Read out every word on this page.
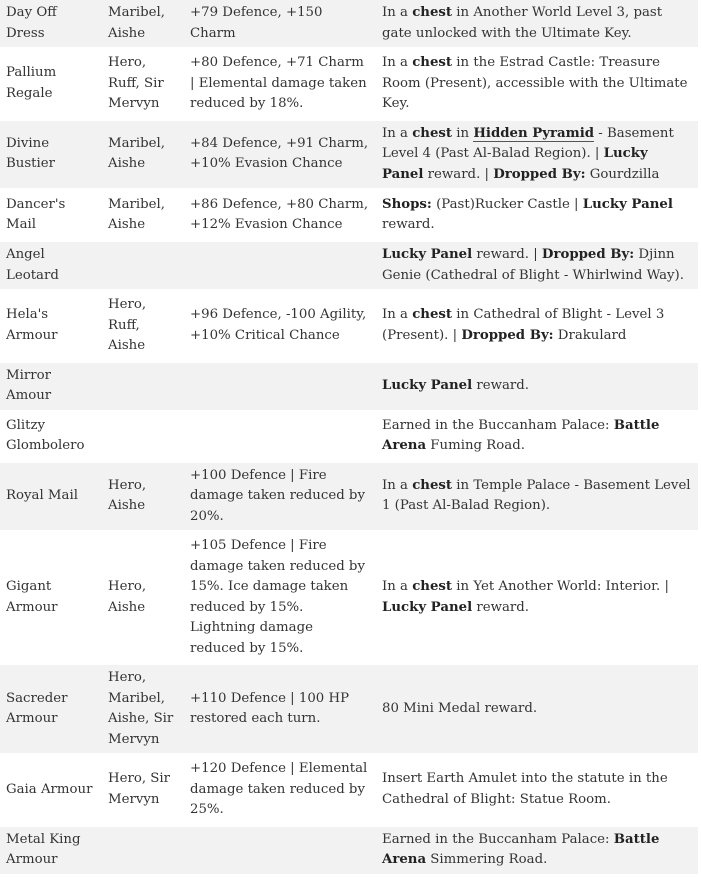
Day Off Dress	Maribel, Aishe	+79 Defence, +150 Charm	In a chest in Another World Level 3, past gate unlocked with the Ultimate Key.
Pallium Regale	Hero, Ruff, Sir Mervyn	+80 Defence, +71 Charm | Elemental damage taken reduced by 18%.	In a chest in the Estrad Castle: Treasure Room (Present), accessible with the Ultimate Key.
Divine Bustier	Maribel, Aishe	+84 Defence, +91 Charm, +10% Evasion Chance	In a chest in Hidden Pyramid - Basement Level 4 (Past Al-Balad Region). | Lucky Panel reward. | Dropped By: Gourdzilla
Dancer's Mail	Maribel, Aishe	+86 Defence, +80 Charm, +12% Evasion Chance	Shops: (Past)Rucker Castle | Lucky Panel reward.
Angel Leotard			Lucky Panel reward. | Dropped By: Djinn Genie (Cathedral of Blight - Whirlwind Way).
Hela's Armour	Hero, Ruff, Aishe	+96 Defence, -100 Agility, +10% Critical Chance	In a chest in Cathedral of Blight - Level 3 (Present). | Dropped By: Drakulard
Mirror Amour			Lucky Panel reward.
Glitzy Glombolero			Earned in the Buccanham Palace: Battle Arena Fuming Road.
Royal Mail	Hero, Aishe	+100 Defence | Fire damage taken reduced by 20%.	In a chest in Temple Palace - Basement Level 1 (Past Al-Balad Region).
Gigant Armour	Hero, Aishe	+105 Defence | Fire damage taken reduced by 15%. Ice damage taken reduced by 15%. Lightning damage reduced by 15%.	In a chest in Yet Another World: Interior. | Lucky Panel reward.
Sacreder Armour	Hero, Maribel, Aishe, Sir Mervyn	+110 Defence | 100 HP restored each turn.	80 Mini Medal reward.
Gaia Armour	Hero, Sir Mervyn	+120 Defence | Elemental damage taken reduced by 25%.	Insert Earth Amulet into the statute in the Cathedral of Blight: Statue Room.
Metal King Armour			Earned in the Buccanham Palace: Battle Arena Simmering Road.
